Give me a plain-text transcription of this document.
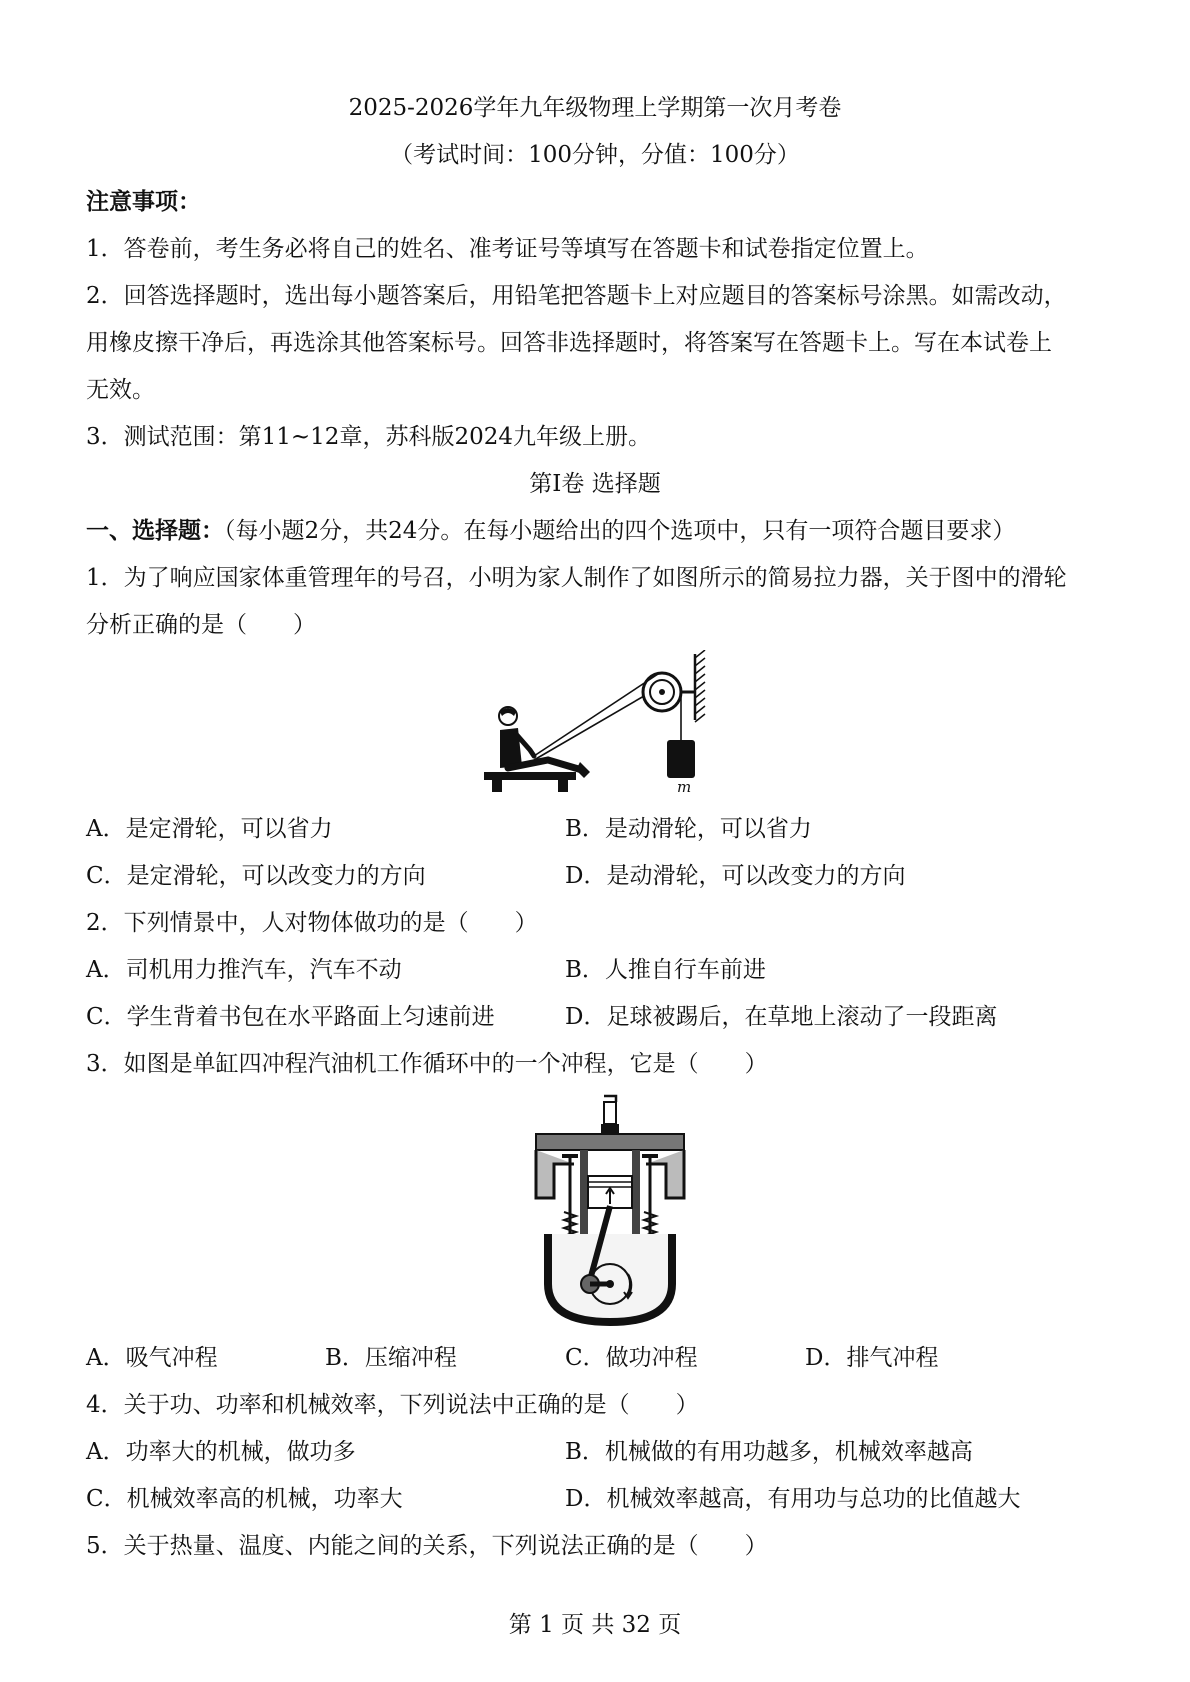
2025-2026学年九年级物理上学期第一次月考卷
（考试时间：100分钟，分值：100分）
注意事项：
1．答卷前，考生务必将自己的姓名、准考证号等填写在答题卡和试卷指定位置上。
2．回答选择题时，选出每小题答案后，用铅笔把答题卡上对应题目的答案标号涂黑。如需改动，
用橡皮擦干净后，再选涂其他答案标号。回答非选择题时，将答案写在答题卡上。写在本试卷上
无效。
3．测试范围：第11~12章，苏科版2024九年级上册。
第Ⅰ卷 选择题
一、选择题：（每小题2分，共24分。在每小题给出的四个选项中，只有一项符合题目要求）
1．为了响应国家体重管理年的号召，小明为家人制作了如图所示的简易拉力器，关于图中的滑轮
分析正确的是（　　）
m
A．是定滑轮，可以省力	B．是动滑轮，可以省力
C．是定滑轮，可以改变力的方向	D．是动滑轮，可以改变力的方向
2．下列情景中，人对物体做功的是（　　）
A．司机用力推汽车，汽车不动	B．人推自行车前进
C．学生背着书包在水平路面上匀速前进	D．足球被踢后，在草地上滚动了一段距离
3．如图是单缸四冲程汽油机工作循环中的一个冲程，它是（　　）
A．吸气冲程	B．压缩冲程	C．做功冲程	D．排气冲程
4．关于功、功率和机械效率，下列说法中正确的是（　　）
A．功率大的机械，做功多	B．机械做的有用功越多，机械效率越高
C．机械效率高的机械，功率大	D．机械效率越高，有用功与总功的比值越大
5．关于热量、温度、内能之间的关系，下列说法正确的是（　　）
第 1 页 共 32 页
